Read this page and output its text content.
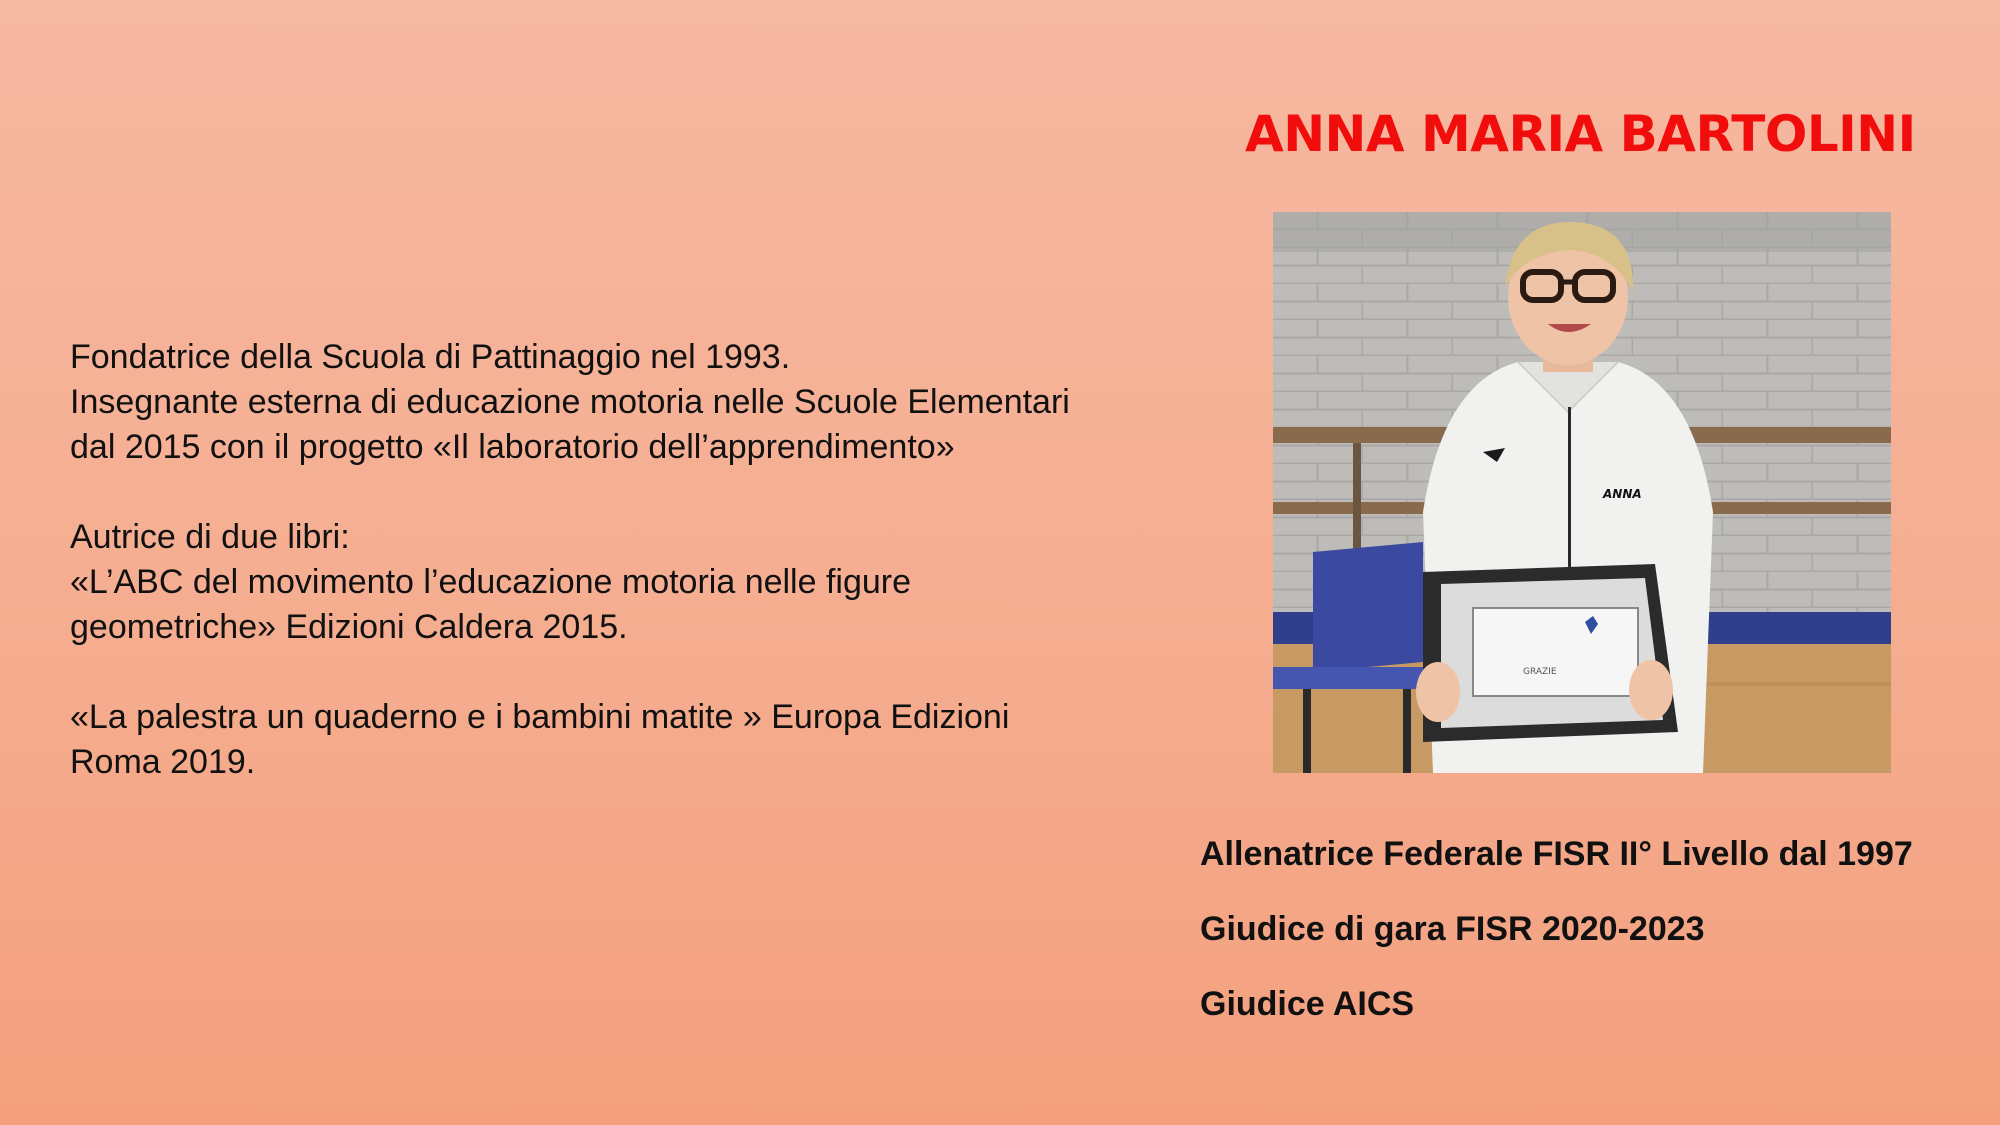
ANNA MARIA BARTOLINI

Fondatrice della Scuola di Pattinaggio nel 1993.

Insegnante esterna di educazione motoria nelle Scuole Elementari

dal 2015 con il progetto «Il laboratorio dell’apprendimento»

Autrice di due libri:

«L’ABC del movimento l’educazione motoria nelle figure

geometriche» Edizioni Caldera 2015.

«La palestra un quaderno e i bambini matite » Europa Edizioni

Roma 2019.

ANNA
GRAZIE
Allenatrice Federale FISR II° Livello dal 1997
Giudice di gara FISR 2020-2023
Giudice AICS
